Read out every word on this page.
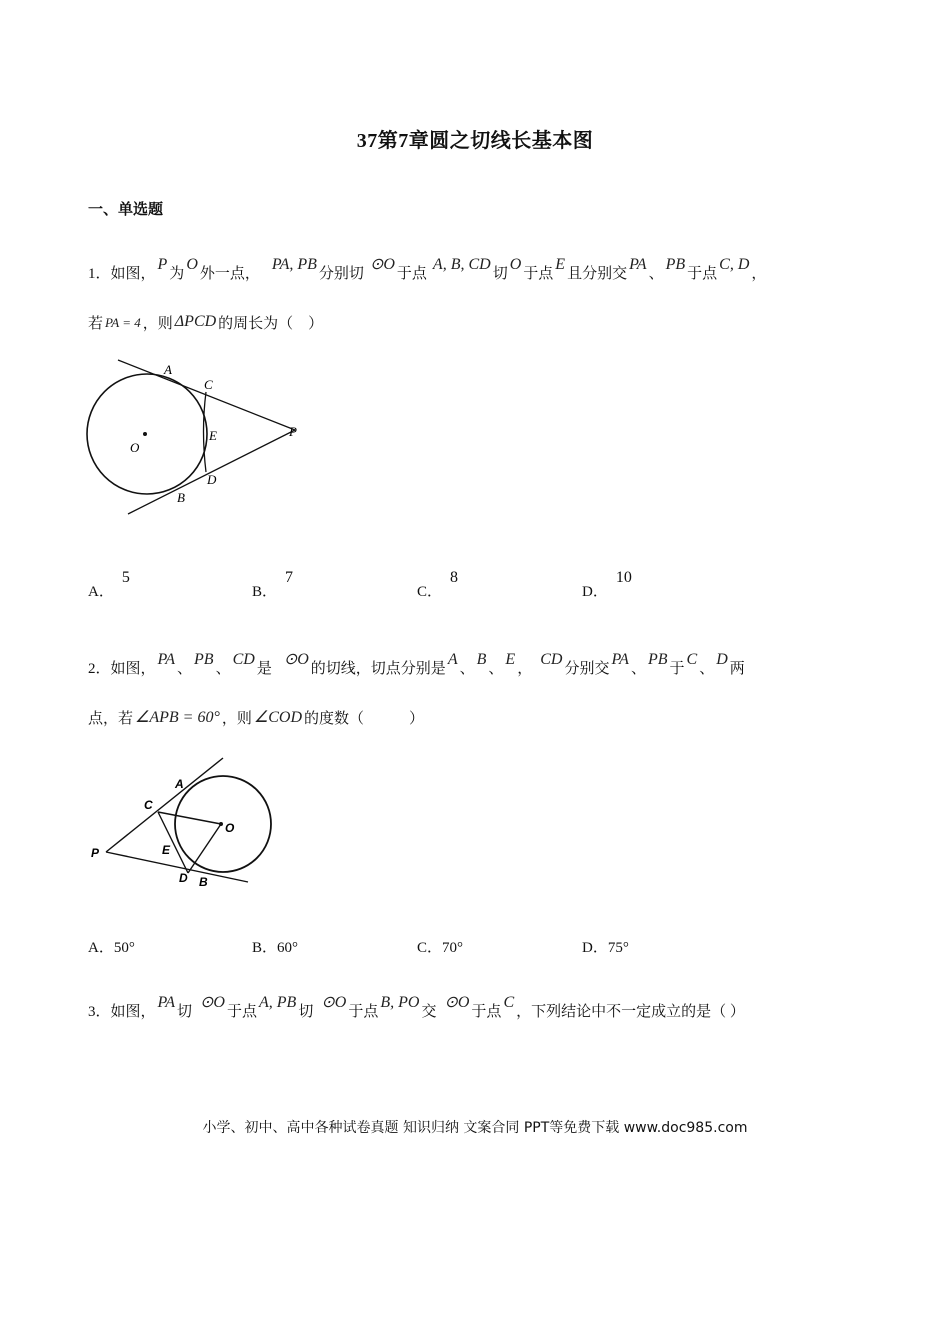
37第7章圆之切线长基本图
一、单选题
1．如图，P为O外一点，PA, PB分别切⊙O于点A, B, CD切O于点E且分别交PA、PB于点C, D，
若 PA = 4 ，则 ΔPCD 的周长为（　）
A
C
E	P
O
D
B
A．5
B．7
C．8
D．10
2．如图，PA、PB、CD是⊙O的切线，切点分别是A、B、E，CD分别交PA、PB于C、D两
点，若 ∠APB = 60° ，则 ∠COD 的度数（　　　）
A
C
O
P	E
D B
A．50°	B．60°	C．70°	D．75°
3．如图，PA切⊙O于点A, PB切⊙O于点B, PO交⊙O于点C，下列结论中不一定成立的是（ ）
小学、初中、高中各种试卷真题 知识归纳 文案合同 PPT等免费下载 www.doc985.com
